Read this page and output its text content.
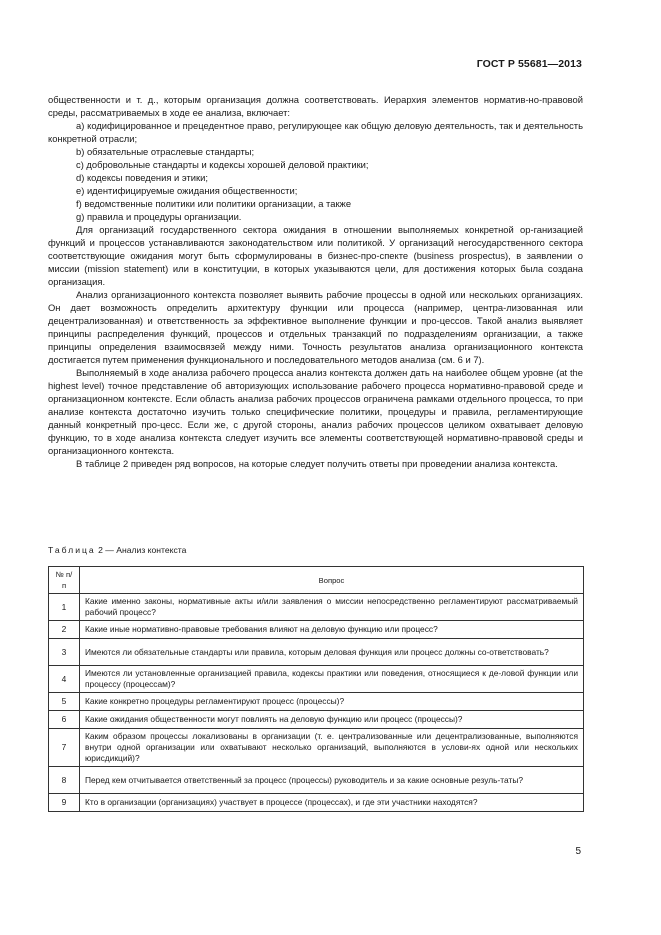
ГОСТ Р 55681—2013

общественности и т. д., которым организация должна соответствовать. Иерархия элементов норматив-но-правовой среды, рассматриваемых в ходе ее анализа, включает:

a) кодифицированное и прецедентное право, регулирующее как общую деловую деятельность, так и деятельность конкретной отрасли;

b) обязательные отраслевые стандарты;

c) добровольные стандарты и кодексы хорошей деловой практики;

d) кодексы поведения и этики;

e) идентифицируемые ожидания общественности;

f) ведомственные политики или политики организации, а также

g) правила и процедуры организации.

Для организаций государственного сектора ожидания в отношении выполняемых конкретной ор-ганизацией функций и процессов устанавливаются законодательством или политикой. У организаций негосударственного сектора соответствующие ожидания могут быть сформулированы в бизнес-про-спекте (business prospectus), в заявлении о миссии (mission statement) или в конституции, в которых указываются цели, для достижения которых была создана организация.

Анализ организационного контекста позволяет выявить рабочие процессы в одной или нескольких организациях. Он дает возможность определить архитектуру функции или процесса (например, центра-лизованная или децентрализованная) и ответственность за эффективное выполнение функции и про-цессов. Такой анализ выявляет принципы распределения функций, процессов и отдельных транзакций по подразделениям организации, а также принципы определения взаимосвязей между ними. Точность результатов анализа организационного контекста достигается путем применения функционального и последовательного методов анализа (см. 6 и 7).

Выполняемый в ходе анализа рабочего процесса анализ контекста должен дать на наиболее общем уровне (at the highest level) точное представление об авторизующих использование рабочего процесса нормативно-правовой среде и организационном контексте. Если область анализа рабочих процессов ограничена рамками отдельного процесса, то при анализе контекста достаточно изучить только специфические политики, процедуры и правила, регламентирующие данный конкретный про-цесс. Если же, с другой стороны, анализ рабочих процессов целиком охватывает деловую функцию, то в ходе анализа контекста следует изучить все элементы соответствующей нормативно-правовой среды и организационного контекста.

В таблице 2 приведен ряд вопросов, на которые следует получить ответы при проведении анализа контекста.

Таблица 2 — Анализ контекста
№ п/п	Вопрос
1	Какие именно законы, нормативные акты и/или заявления о миссии непосредственно регламентируют рассматриваемый рабочий процесс?
2	Какие иные нормативно-правовые требования влияют на деловую функцию или процесс?
3	Имеются ли обязательные стандарты или правила, которым деловая функция или процесс должны со-ответствовать?
4	Имеются ли установленные организацией правила, кодексы практики или поведения, относящиеся к де-ловой функции или процессу (процессам)?
5	Какие конкретно процедуры регламентируют процесс (процессы)?
6	Какие ожидания общественности могут повлиять на деловую функцию или процесс (процессы)?
7	Каким образом процессы локализованы в организации (т. е. централизованные или децентрализованные, выполняются внутри одной организации или охватывают несколько организаций, выполняются в услови-ях одной или нескольких юрисдикций)?
8	Перед кем отчитывается ответственный за процесс (процессы) руководитель и за какие основные резуль-таты?
9	Кто в организации (организациях) участвует в процессе (процессах), и где эти участники находятся?
5
